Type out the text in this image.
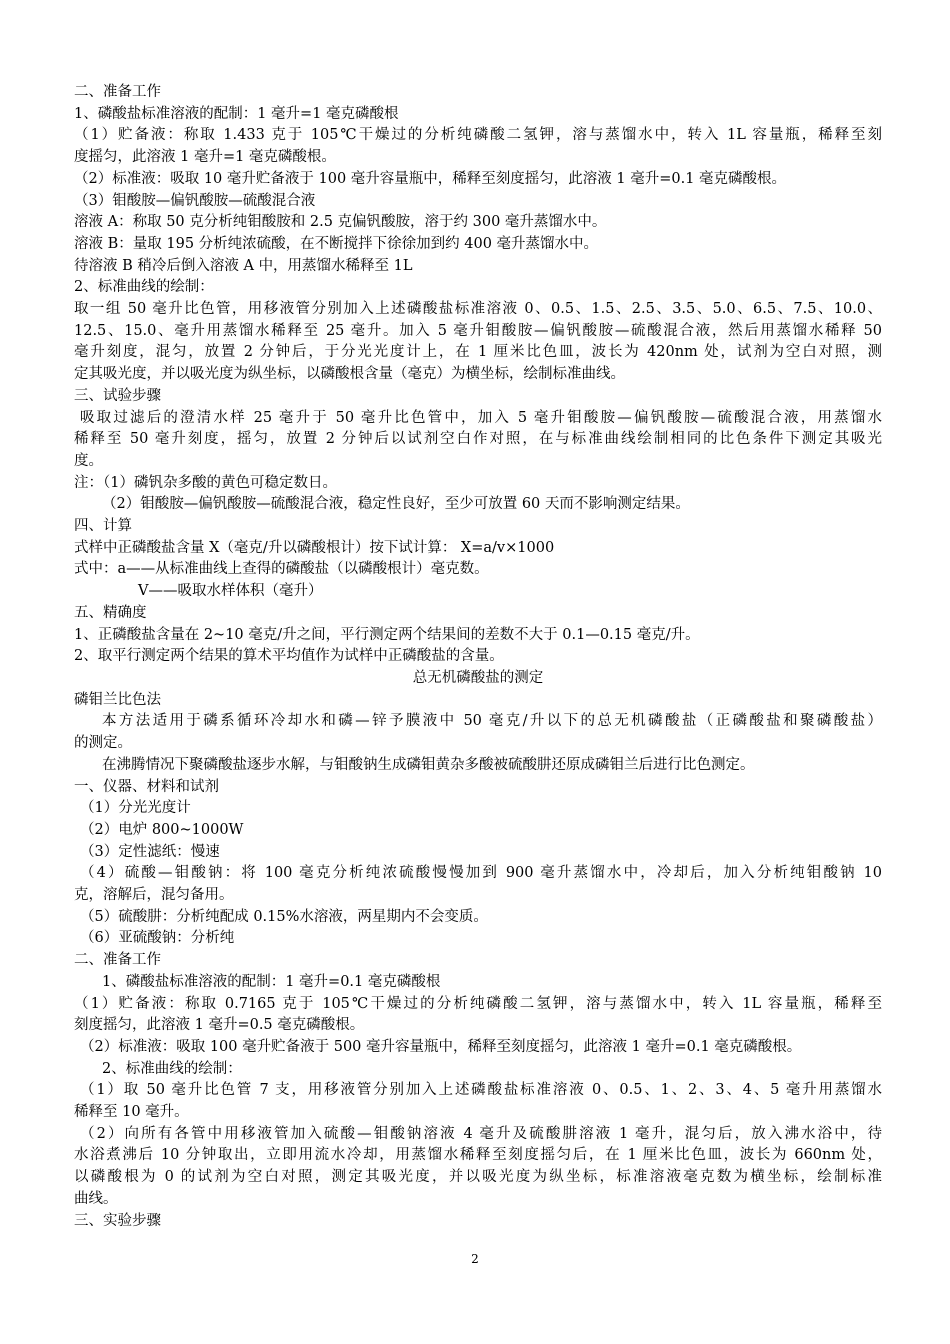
二、准备工作
1、磷酸盐标准溶液的配制：1 毫升=1 毫克磷酸根
（1）贮备液：称取 1.433 克于 105℃干燥过的分析纯磷酸二氢钾，溶与蒸馏水中，转入 1L 容量瓶，稀释至刻
度摇匀，此溶液 1 毫升=1 毫克磷酸根。
（2）标准液：吸取 10 毫升贮备液于 100 毫升容量瓶中，稀释至刻度摇匀，此溶液 1 毫升=0.1 毫克磷酸根。
（3）钼酸胺—偏钒酸胺—硫酸混合液
溶液 A：称取 50 克分析纯钼酸胺和 2.5 克偏钒酸胺，溶于约 300 毫升蒸馏水中。
溶液 B：量取 195 分析纯浓硫酸，在不断搅拌下徐徐加到约 400 毫升蒸馏水中。
待溶液 B 稍冷后倒入溶液 A 中，用蒸馏水稀释至 1L
2、标准曲线的绘制：
取一组 50 毫升比色管，用移液管分别加入上述磷酸盐标准溶液 0、0.5、1.5、2.5、3.5、5.0、6.5、7.5、10.0、
12.5、15.0、毫升用蒸馏水稀释至 25 毫升。加入 5 毫升钼酸胺—偏钒酸胺—硫酸混合液，然后用蒸馏水稀释 50
毫升刻度，混匀，放置 2 分钟后，于分光光度计上，在 1 厘米比色皿，波长为 420nm 处，试剂为空白对照，测
定其吸光度，并以吸光度为纵坐标，以磷酸根含量（毫克）为横坐标，绘制标准曲线。
三、试验步骤
吸取过滤后的澄清水样 25 毫升于 50 毫升比色管中，加入 5 毫升钼酸胺—偏钒酸胺—硫酸混合液，用蒸馏水
稀释至 50 毫升刻度，摇匀，放置 2 分钟后以试剂空白作对照，在与标准曲线绘制相同的比色条件下测定其吸光
度。
注：（1）磷钒杂多酸的黄色可稳定数日。
（2）钼酸胺—偏钒酸胺—硫酸混合液，稳定性良好，至少可放置 60 天而不影响测定结果。
四、计算
式样中正磷酸盐含量 X（毫克/升以磷酸根计）按下试计算： X=a/v×1000
式中：a——从标准曲线上查得的磷酸盐（以磷酸根计）毫克数。
V——吸取水样体积（毫升）
五、精确度
1、正磷酸盐含量在 2~10 毫克/升之间，平行测定两个结果间的差数不大于 0.1—0.15 毫克/升。
2、取平行测定两个结果的算术平均值作为试样中正磷酸盐的含量。
总无机磷酸盐的测定
磷钼兰比色法
本方法适用于磷系循环冷却水和磷—锌予膜液中 50 毫克/升以下的总无机磷酸盐（正磷酸盐和聚磷酸盐）
的测定。
在沸腾情况下聚磷酸盐逐步水解，与钼酸钠生成磷钼黄杂多酸被硫酸肼还原成磷钼兰后进行比色测定。
一、仪器、材料和试剂
（1）分光光度计
（2）电炉 800~1000W
（3）定性滤纸：慢速
（4）硫酸—钼酸钠：将 100 毫克分析纯浓硫酸慢慢加到 900 毫升蒸馏水中，冷却后，加入分析纯钼酸钠 10
克，溶解后，混匀备用。
（5）硫酸肼：分析纯配成 0.15%水溶液，两星期内不会变质。
（6）亚硫酸钠：分析纯
二、准备工作
1、磷酸盐标准溶液的配制：1 毫升=0.1 毫克磷酸根
（1）贮备液：称取 0.7165 克于 105℃干燥过的分析纯磷酸二氢钾，溶与蒸馏水中，转入 1L 容量瓶，稀释至
刻度摇匀，此溶液 1 毫升=0.5 毫克磷酸根。
（2）标准液：吸取 100 毫升贮备液于 500 毫升容量瓶中，稀释至刻度摇匀，此溶液 1 毫升=0.1 毫克磷酸根。
2、标准曲线的绘制：
（1）取 50 毫升比色管 7 支，用移液管分别加入上述磷酸盐标准溶液 0、0.5、1、2、3、4、5 毫升用蒸馏水
稀释至 10 毫升。
（2）向所有各管中用移液管加入硫酸—钼酸钠溶液 4 毫升及硫酸肼溶液 1 毫升，混匀后，放入沸水浴中，待
水浴煮沸后 10 分钟取出，立即用流水冷却，用蒸馏水稀释至刻度摇匀后，在 1 厘米比色皿，波长为 660nm 处，
以磷酸根为 0 的试剂为空白对照，测定其吸光度，并以吸光度为纵坐标，标准溶液毫克数为横坐标，绘制标准
曲线。
三、实验步骤
2
